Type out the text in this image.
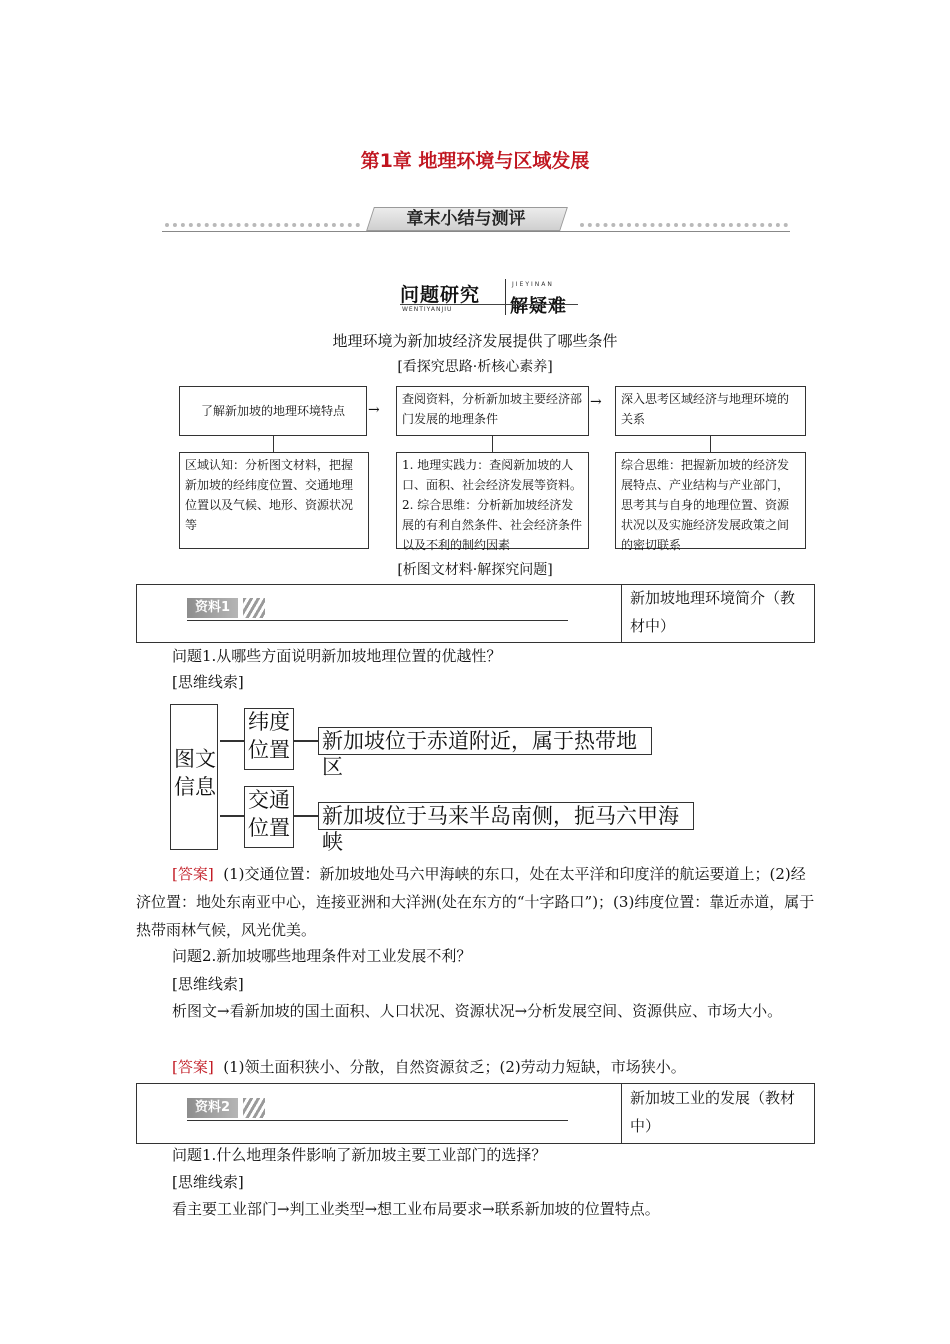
第1章 地理环境与区域发展
章末小结与测评
问题研究
WENTIYANJIU
JIEYINAN
解疑难
地理环境为新加坡经济发展提供了哪些条件
[看探究思路·析核心素养]
了解新加坡的地理环境特点	→
查阅资料，分析新加坡主要经济部门发展的地理条件
→	深入思考区域经济与地理环境的关系
区域认知：分析图文材料，把握新加坡的经纬度位置、交通地理位置以及气候、地形、资源状况等
1. 地理实践力：查阅新加坡的人口、面积、社会经济发展等资料。
2. 综合思维：分析新加坡经济发展的有利自然条件、社会经济条件以及不利的制约因素
综合思维：把握新加坡的经济发展特点、产业结构与产业部门，思考其与自身的地理位置、资源状况以及实施经济发展政策之间的密切联系
[析图文材料·解探究问题]
资料1
新加坡地理环境简介（教材中）
问题1.从哪些方面说明新加坡地理位置的优越性？
[思维线索]
图文信息
纬度位置
交通位置
新加坡位于赤道附近，属于热带地区
新加坡位于马来半岛南侧，扼马六甲海峡
[答案] (1)交通位置：新加坡地处马六甲海峡的东口，处在太平洋和印度洋的航运要道上；(2)经济位置：地处东南亚中心，连接亚洲和大洋洲(处在东方的“十字路口”)；(3)纬度位置：靠近赤道，属于热带雨林气候，风光优美。
问题2.新加坡哪些地理条件对工业发展不利？
[思维线索]
析图文→看新加坡的国土面积、人口状况、资源状况→分析发展空间、资源供应、市场大小。
[答案] (1)领土面积狭小、分散，自然资源贫乏；(2)劳动力短缺，市场狭小。
资料2
新加坡工业的发展（教材中）
问题1.什么地理条件影响了新加坡主要工业部门的选择？
[思维线索]
看主要工业部门→判工业类型→想工业布局要求→联系新加坡的位置特点。
